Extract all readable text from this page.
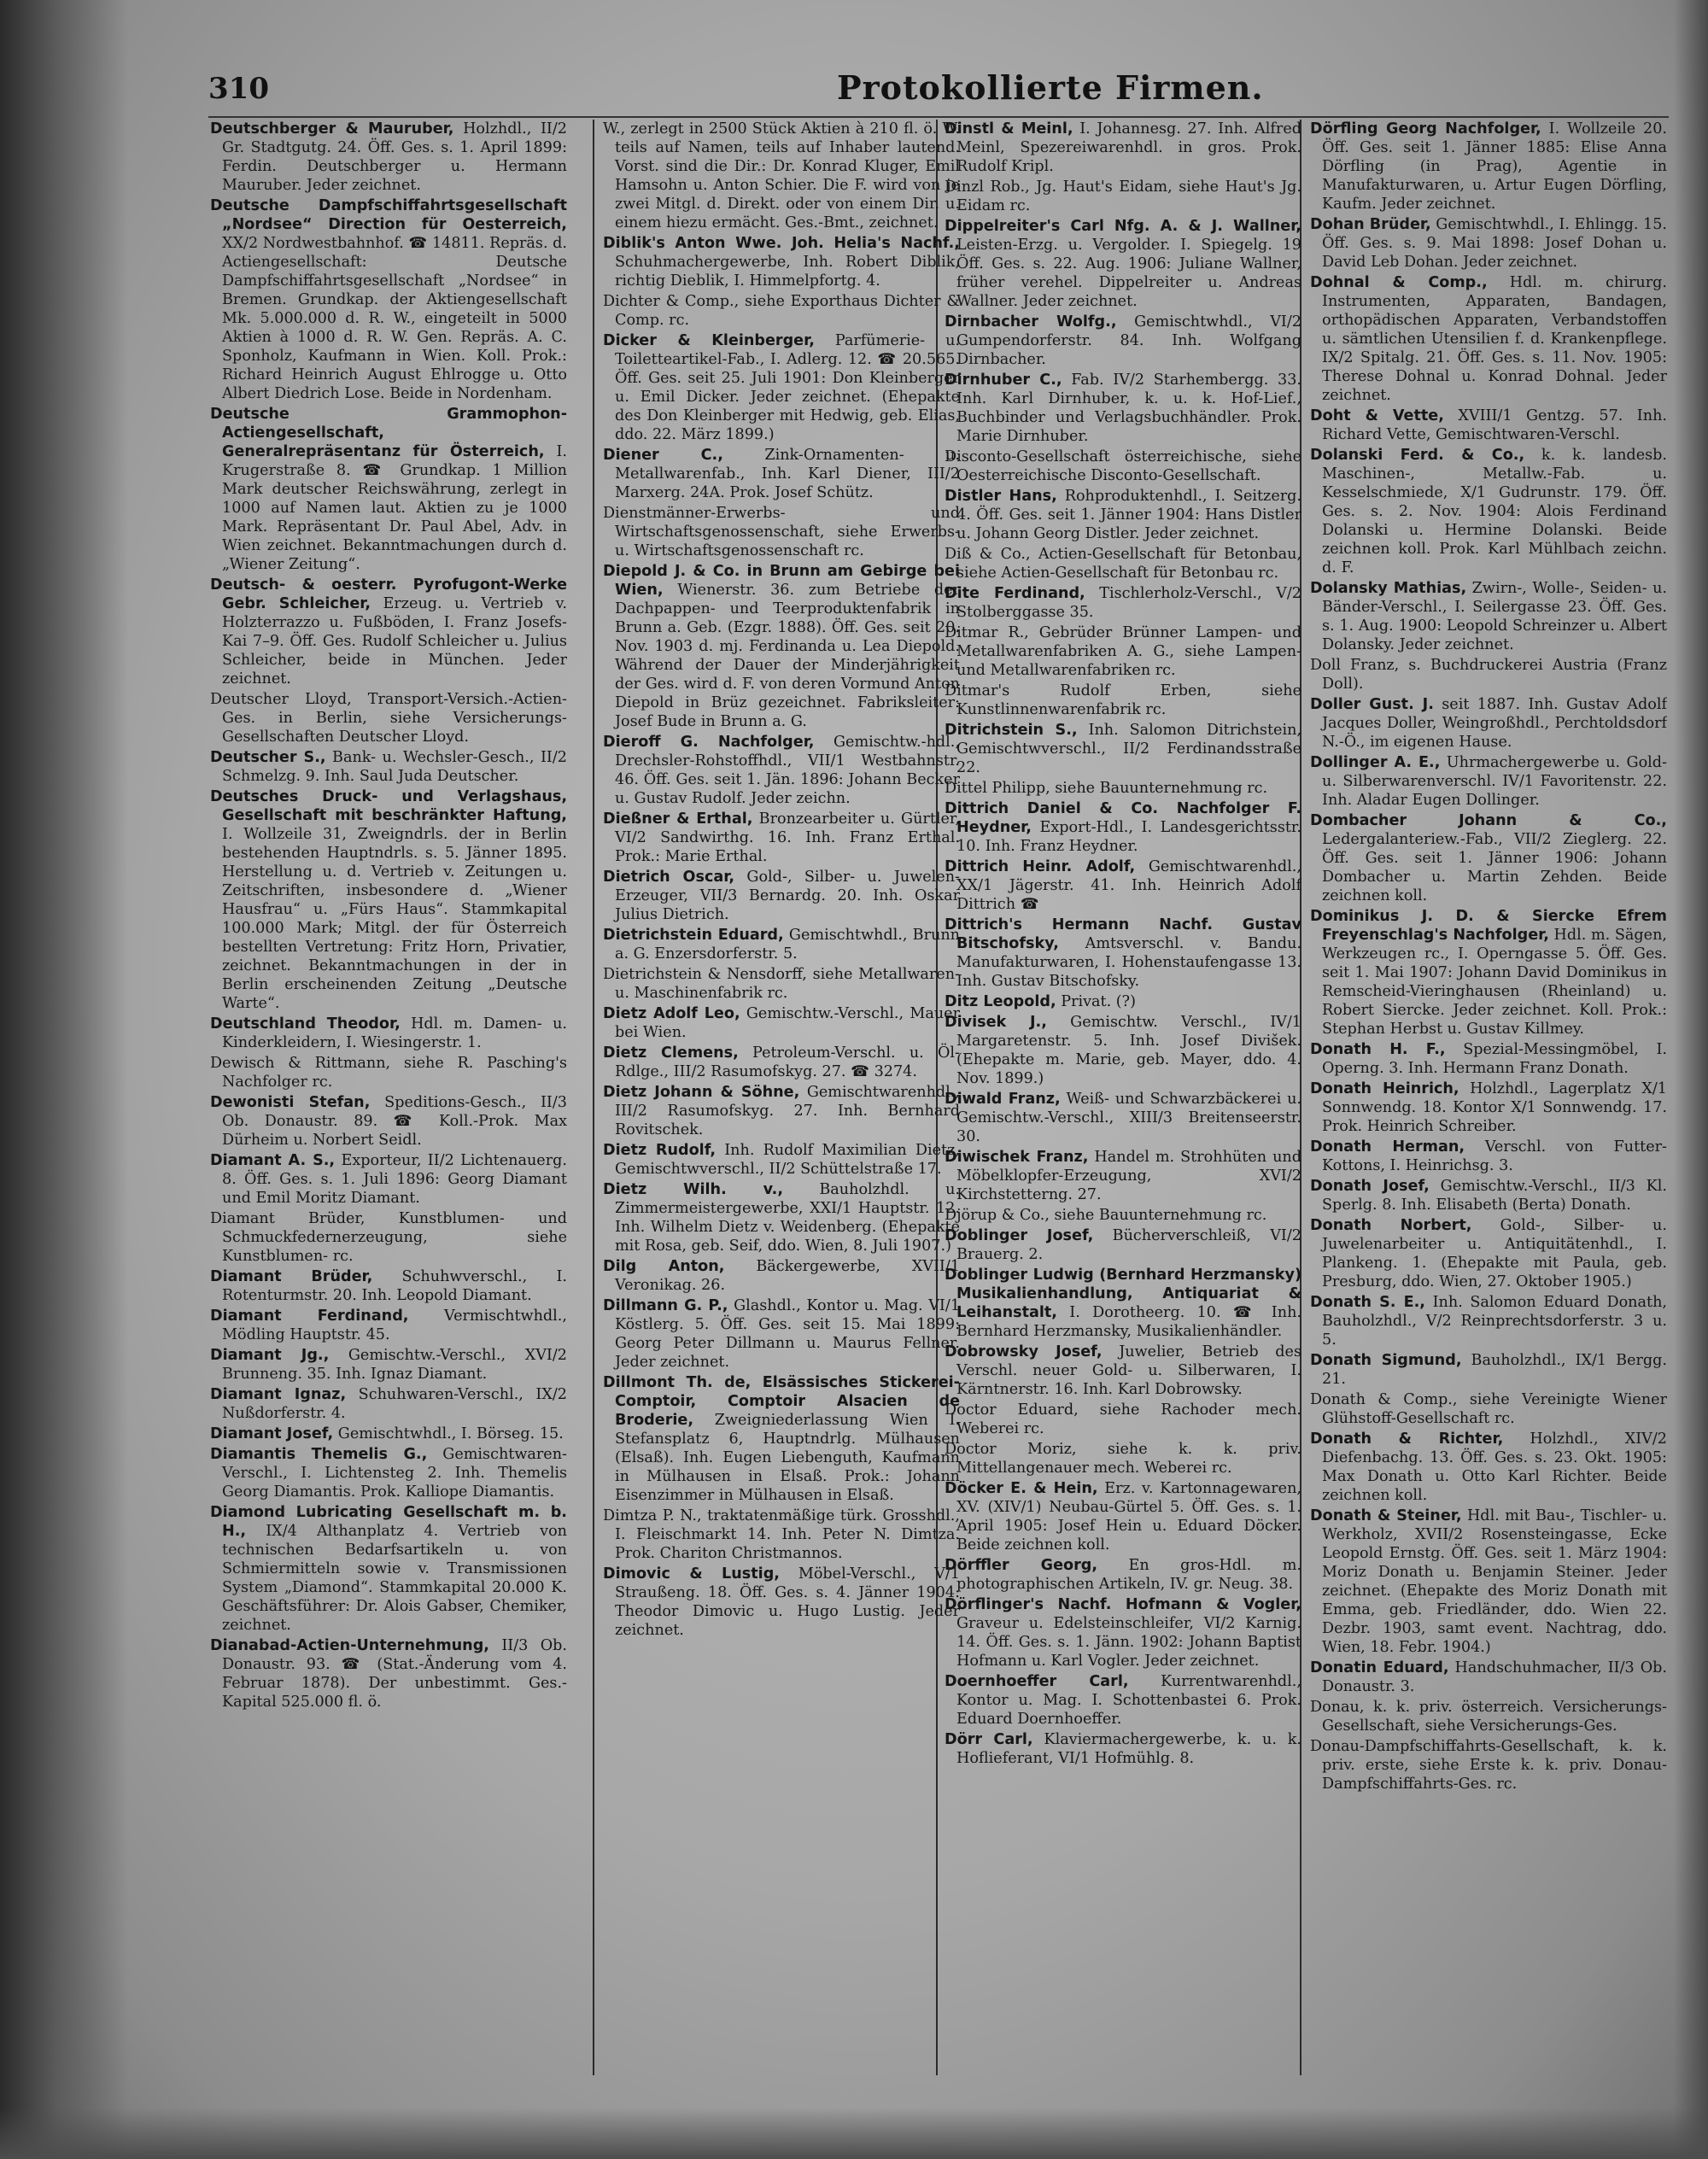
310	Protokollierte Firmen.

Deutschberger & Mauruber, Holzhdl., II/2 Gr. Stadtgutg. 24. Öff. Ges. s. 1. April 1899: Ferdin. Deutschberger u. Hermann Mauruber. Jeder zeichnet.

Deutsche Dampfschiffahrtsgesellschaft „Nordsee“ Direction für Oesterreich, XX/2 Nordwestbahnhof. ☎ 14811. Repräs. d. Actiengesellschaft: Deutsche Dampfschiffahrtsgesellschaft „Nordsee“ in Bremen. Grundkap. der Aktiengesellschaft Mk. 5.000.000 d. R. W., eingeteilt in 5000 Aktien à 1000 d. R. W. Gen. Repräs. A. C. Sponholz, Kaufmann in Wien. Koll. Prok.: Richard Heinrich August Ehlrogge u. Otto Albert Diedrich Lose. Beide in Nordenham.

Deutsche Grammophon-Actiengesellschaft, Generalrepräsentanz für Österreich, I. Krugerstraße 8. ☎ Grundkap. 1 Million Mark deutscher Reichswährung, zerlegt in 1000 auf Namen laut. Aktien zu je 1000 Mark. Repräsentant Dr. Paul Abel, Adv. in Wien zeichnet. Bekanntmachungen durch d. „Wiener Zeitung“.

Deutsch- & oesterr. Pyrofugont-Werke Gebr. Schleicher, Erzeug. u. Vertrieb v. Holzterrazzo u. Fußböden, I. Franz Josefs-Kai 7–9. Öff. Ges. Rudolf Schleicher u. Julius Schleicher, beide in München. Jeder zeichnet.

Deutscher Lloyd, Transport-Versich.-Actien-Ges. in Berlin, siehe Versicherungs-Gesellschaften Deutscher Lloyd.

Deutscher S., Bank- u. Wechsler-Gesch., II/2 Schmelzg. 9. Inh. Saul Juda Deutscher.

Deutsches Druck- und Verlagshaus, Gesellschaft mit beschränkter Haftung, I. Wollzeile 31, Zweigndrls. der in Berlin bestehenden Hauptndrls. s. 5. Jänner 1895. Herstellung u. d. Vertrieb v. Zeitungen u. Zeitschriften, insbesondere d. „Wiener Hausfrau“ u. „Fürs Haus“. Stammkapital 100.000 Mark; Mitgl. der für Österreich bestellten Vertretung: Fritz Horn, Privatier, zeichnet. Bekanntmachungen in der in Berlin erscheinenden Zeitung „Deutsche Warte“.

Deutschland Theodor, Hdl. m. Damen- u. Kinderkleidern, I. Wiesingerstr. 1.

Dewisch & Rittmann, siehe R. Pasching's Nachfolger rc.

Dewonisti Stefan, Speditions-Gesch., II/3 Ob. Donaustr. 89. ☎ Koll.-Prok. Max Dürheim u. Norbert Seidl.

Diamant A. S., Exporteur, II/2 Lichtenauerg. 8. Öff. Ges. s. 1. Juli 1896: Georg Diamant und Emil Moritz Diamant.

Diamant Brüder, Kunstblumen- und Schmuckfedernerzeugung, siehe Kunstblumen- rc.

Diamant Brüder, Schuhwverschl., I. Rotenturmstr. 20. Inh. Leopold Diamant.

Diamant Ferdinand, Vermischtwhdl., Mödling Hauptstr. 45.

Diamant Jg., Gemischtw.-Verschl., XVI/2 Brunneng. 35. Inh. Ignaz Diamant.

Diamant Ignaz, Schuhwaren-Verschl., IX/2 Nußdorferstr. 4.

Diamant Josef, Gemischtwhdl., I. Börseg. 15.

Diamantis Themelis G., Gemischtwaren-Verschl., I. Lichtensteg 2. Inh. Themelis Georg Diamantis. Prok. Kalliope Diamantis.

Diamond Lubricating Gesellschaft m. b. H., IX/4 Althanplatz 4. Vertrieb von technischen Bedarfsartikeln u. von Schmiermitteln sowie v. Transmissionen System „Diamond“. Stammkapital 20.000 K. Geschäftsführer: Dr. Alois Gabser, Chemiker, zeichnet.

Dianabad-Actien-Unternehmung, II/3 Ob. Donaustr. 93. ☎ (Stat.-Änderung vom 4. Februar 1878). Der unbestimmt. Ges.-Kapital 525.000 fl. ö.

W., zerlegt in 2500 Stück Aktien à 210 fl. ö. W. teils auf Namen, teils auf Inhaber lautend. Vorst. sind die Dir.: Dr. Konrad Kluger, Emil Hamsohn u. Anton Schier. Die F. wird von je zwei Mitgl. d. Direkt. oder von einem Dir. u. einem hiezu ermächt. Ges.-Bmt., zeichnet.

Diblik's Anton Wwe. Joh. Helia's Nachf., Schuhmachergewerbe, Inh. Robert Diblik, richtig Dieblik, I. Himmelpfortg. 4.

Dichter & Comp., siehe Exporthaus Dichter & Comp. rc.

Dicker & Kleinberger, Parfümerie- u. Toiletteartikel-Fab., I. Adlerg. 12. ☎ 20.565. Öff. Ges. seit 25. Juli 1901: Don Kleinberger u. Emil Dicker. Jeder zeichnet. (Ehepakte des Don Kleinberger mit Hedwig, geb. Elias, ddo. 22. März 1899.)

Diener C., Zink-Ornamenten- u. Metallwarenfab., Inh. Karl Diener, III/2 Marxerg. 24A. Prok. Josef Schütz.

Dienstmänner-Erwerbs- und Wirtschaftsgenossenschaft, siehe Erwerbs- u. Wirtschaftsgenossenschaft rc.

Diepold J. & Co. in Brunn am Gebirge bei Wien, Wienerstr. 36. zum Betriebe der Dachpappen- und Teerproduktenfabrik in Brunn a. Geb. (Ezgr. 1888). Öff. Ges. seit 20. Nov. 1903 d. mj. Ferdinanda u. Lea Diepold. Während der Dauer der Minderjährigkeit der Ges. wird d. F. von deren Vormund Anton Diepold in Brüz gezeichnet. Fabriksleiter: Josef Bude in Brunn a. G.

Dieroff G. Nachfolger, Gemischtw.-hdl., Drechsler-Rohstoffhdl., VII/1 Westbahnstr. 46. Öff. Ges. seit 1. Jän. 1896: Johann Becker u. Gustav Rudolf. Jeder zeichn.

Dießner & Erthal, Bronzearbeiter u. Gürtler, VI/2 Sandwirthg. 16. Inh. Franz Erthal. Prok.: Marie Erthal.

Dietrich Oscar, Gold-, Silber- u. Juwelen-Erzeuger, VII/3 Bernardg. 20. Inh. Oskar Julius Dietrich.

Dietrichstein Eduard, Gemischtwhdl., Brunn a. G. Enzersdorferstr. 5.

Dietrichstein & Nensdorff, siehe Metallwaren- u. Maschinenfabrik rc.

Dietz Adolf Leo, Gemischtw.-Verschl., Mauer bei Wien.

Dietz Clemens, Petroleum-Verschl. u. Öl-Rdlge., III/2 Rasumofskyg. 27. ☎ 3274.

Dietz Johann & Söhne, Gemischtwarenhdl., III/2 Rasumofskyg. 27. Inh. Bernhard Rovitschek.

Dietz Rudolf, Inh. Rudolf Maximilian Dietz, Gemischtwverschl., II/2 Schüttelstraße 17.

Dietz Wilh. v., Bauholzhdl. u. Zimmermeistergewerbe, XXI/1 Hauptstr. 12. Inh. Wilhelm Dietz v. Weidenberg. (Ehepakte mit Rosa, geb. Seif, ddo. Wien, 8. Juli 1907.)

Dilg Anton, Bäckergewerbe, XVII/1 Veronikag. 26.

Dillmann G. P., Glashdl., Kontor u. Mag. VI/1 Köstlerg. 5. Öff. Ges. seit 15. Mai 1899: Georg Peter Dillmann u. Maurus Fellner. Jeder zeichnet.

Dillmont Th. de, Elsässisches Stickerei-Comptoir, Comptoir Alsacien de Broderie, Zweigniederlassung Wien I. Stefansplatz 6, Hauptndrlg. Mülhausen (Elsaß). Inh. Eugen Liebenguth, Kaufmann in Mülhausen in Elsaß. Prok.: Johann Eisenzimmer in Mülhausen in Elsaß.

Dimtza P. N., traktatenmäßige türk. Grosshdl., I. Fleischmarkt 14. Inh. Peter N. Dimtza. Prok. Chariton Christmannos.

Dimovic & Lustig, Möbel-Verschl., V/1 Straußeng. 18. Öff. Ges. s. 4. Jänner 1904: Theodor Dimovic u. Hugo Lustig. Jeder zeichnet.

Dinstl & Meinl, I. Johannesg. 27. Inh. Alfred Meinl, Spezereiwarenhdl. in gros. Prok. Rudolf Kripl.

Dinzl Rob., Jg. Haut's Eidam, siehe Haut's Jg. Eidam rc.

Dippelreiter's Carl Nfg. A. & J. Wallner, Leisten-Erzg. u. Vergolder. I. Spiegelg. 19 Öff. Ges. s. 22. Aug. 1906: Juliane Wallner, früher verehel. Dippelreiter u. Andreas Wallner. Jeder zeichnet.

Dirnbacher Wolfg., Gemischtwhdl., VI/2 Gumpendorferstr. 84. Inh. Wolfgang Dirnbacher.

Dirnhuber C., Fab. IV/2 Starhembergg. 33. Inh. Karl Dirnhuber, k. u. k. Hof-Lief., Buchbinder und Verlagsbuchhändler. Prok. Marie Dirnhuber.

Disconto-Gesellschaft österreichische, siehe Oesterreichische Disconto-Gesellschaft.

Distler Hans, Rohproduktenhdl., I. Seitzerg. 4. Öff. Ges. seit 1. Jänner 1904: Hans Distler u. Johann Georg Distler. Jeder zeichnet.

Diß & Co., Actien-Gesellschaft für Betonbau, siehe Actien-Gesellschaft für Betonbau rc.

Dite Ferdinand, Tischlerholz-Verschl., V/2 Stolberggasse 35.

Ditmar R., Gebrüder Brünner Lampen- und Metallwarenfabriken A. G., siehe Lampen- und Metallwarenfabriken rc.

Ditmar's Rudolf Erben, siehe Kunstlinnenwarenfabrik rc.

Ditrichstein S., Inh. Salomon Ditrichstein, Gemischtwverschl., II/2 Ferdinandsstraße 22.

Dittel Philipp, siehe Bauunternehmung rc.

Dittrich Daniel & Co. Nachfolger F. Heydner, Export-Hdl., I. Landesgerichtsstr. 10. Inh. Franz Heydner.

Dittrich Heinr. Adolf, Gemischtwarenhdl., XX/1 Jägerstr. 41. Inh. Heinrich Adolf Dittrich ☎

Dittrich's Hermann Nachf. Gustav Bitschofsky, Amtsverschl. v. Bandu. Manufakturwaren, I. Hohenstaufengasse 13. Inh. Gustav Bitschofsky.

Ditz Leopold, Privat. (?)

Divisek J., Gemischtw. Verschl., IV/1 Margaretenstr. 5. Inh. Josef Divišek. (Ehepakte m. Marie, geb. Mayer, ddo. 4. Nov. 1899.)

Diwald Franz, Weiß- und Schwarzbäckerei u. Gemischtw.-Verschl., XIII/3 Breitenseerstr. 30.

Diwischek Franz, Handel m. Strohhüten und Möbelklopfer-Erzeugung, XVI/2 Kirchstetterng. 27.

Djörup & Co., siehe Bauunternehmung rc.

Doblinger Josef, Bücherverschleiß, VI/2 Brauerg. 2.

Doblinger Ludwig (Bernhard Herzmansky) Musikalienhandlung, Antiquariat & Leihanstalt, I. Dorotheerg. 10. ☎ Inh. Bernhard Herzmansky, Musikalienhändler.

Dobrowsky Josef, Juwelier, Betrieb des Verschl. neuer Gold- u. Silberwaren, I. Kärntnerstr. 16. Inh. Karl Dobrowsky.

Doctor Eduard, siehe Rachoder mech. Weberei rc.

Doctor Moriz, siehe k. k. priv. Mittellangenauer mech. Weberei rc.

Döcker E. & Hein, Erz. v. Kartonnagewaren, XV. (XIV/1) Neubau-Gürtel 5. Öff. Ges. s. 1. April 1905: Josef Hein u. Eduard Döcker. Beide zeichnen koll.

Dörffler Georg, En gros-Hdl. m. photographischen Artikeln, IV. gr. Neug. 38.

Dörflinger's Nachf. Hofmann & Vogler, Graveur u. Edelsteinschleifer, VI/2 Karnig. 14. Öff. Ges. s. 1. Jänn. 1902: Johann Baptist Hofmann u. Karl Vogler. Jeder zeichnet.

Doernhoeffer Carl, Kurrentwarenhdl., Kontor u. Mag. I. Schottenbastei 6. Prok. Eduard Doernhoeffer.

Dörr Carl, Klaviermachergewerbe, k. u. k. Hoflieferant, VI/1 Hofmühlg. 8.

Dörfling Georg Nachfolger, I. Wollzeile 20. Öff. Ges. seit 1. Jänner 1885: Elise Anna Dörfling (in Prag), Agentie in Manufakturwaren, u. Artur Eugen Dörfling, Kaufm. Jeder zeichnet.

Dohan Brüder, Gemischtwhdl., I. Ehlingg. 15. Öff. Ges. s. 9. Mai 1898: Josef Dohan u. David Leb Dohan. Jeder zeichnet.

Dohnal & Comp., Hdl. m. chirurg. Instrumenten, Apparaten, Bandagen, orthopädischen Apparaten, Verbandstoffen u. sämtlichen Utensilien f. d. Krankenpflege. IX/2 Spitalg. 21. Öff. Ges. s. 11. Nov. 1905: Therese Dohnal u. Konrad Dohnal. Jeder zeichnet.

Doht & Vette, XVIII/1 Gentzg. 57. Inh. Richard Vette, Gemischtwaren-Verschl.

Dolanski Ferd. & Co., k. k. landesb. Maschinen-, Metallw.-Fab. u. Kesselschmiede, X/1 Gudrunstr. 179. Öff. Ges. s. 2. Nov. 1904: Alois Ferdinand Dolanski u. Hermine Dolanski. Beide zeichnen koll. Prok. Karl Mühlbach zeichn. d. F.

Dolansky Mathias, Zwirn-, Wolle-, Seiden- u. Bänder-Verschl., I. Seilergasse 23. Öff. Ges. s. 1. Aug. 1900: Leopold Schreinzer u. Albert Dolansky. Jeder zeichnet.

Doll Franz, s. Buchdruckerei Austria (Franz Doll).

Doller Gust. J. seit 1887. Inh. Gustav Adolf Jacques Doller, Weingroßhdl., Perchtoldsdorf N.-Ö., im eigenen Hause.

Dollinger A. E., Uhrmachergewerbe u. Gold- u. Silberwarenverschl. IV/1 Favoritenstr. 22. Inh. Aladar Eugen Dollinger.

Dombacher Johann & Co., Ledergalanteriew.-Fab., VII/2 Zieglerg. 22. Öff. Ges. seit 1. Jänner 1906: Johann Dombacher u. Martin Zehden. Beide zeichnen koll.

Dominikus J. D. & Siercke Efrem Freyenschlag's Nachfolger, Hdl. m. Sägen, Werkzeugen rc., I. Operngasse 5. Öff. Ges. seit 1. Mai 1907: Johann David Dominikus in Remscheid-Vieringhausen (Rheinland) u. Robert Siercke. Jeder zeichnet. Koll. Prok.: Stephan Herbst u. Gustav Killmey.

Donath H. F., Spezial-Messingmöbel, I. Operng. 3. Inh. Hermann Franz Donath.

Donath Heinrich, Holzhdl., Lagerplatz X/1 Sonnwendg. 18. Kontor X/1 Sonnwendg. 17. Prok. Heinrich Schreiber.

Donath Herman, Verschl. von Futter-Kottons, I. Heinrichsg. 3.

Donath Josef, Gemischtw.-Verschl., II/3 Kl. Sperlg. 8. Inh. Elisabeth (Berta) Donath.

Donath Norbert, Gold-, Silber- u. Juwelenarbeiter u. Antiquitätenhdl., I. Plankeng. 1. (Ehepakte mit Paula, geb. Presburg, ddo. Wien, 27. Oktober 1905.)

Donath S. E., Inh. Salomon Eduard Donath, Bauholzhdl., V/2 Reinprechtsdorferstr. 3 u. 5.

Donath Sigmund, Bauholzhdl., IX/1 Bergg. 21.

Donath & Comp., siehe Vereinigte Wiener Glühstoff-Gesellschaft rc.

Donath & Richter, Holzhdl., XIV/2 Diefenbachg. 13. Öff. Ges. s. 23. Okt. 1905: Max Donath u. Otto Karl Richter. Beide zeichnen koll.

Donath & Steiner, Hdl. mit Bau-, Tischler- u. Werkholz, XVII/2 Rosensteingasse, Ecke Leopold Ernstg. Öff. Ges. seit 1. März 1904: Moriz Donath u. Benjamin Steiner. Jeder zeichnet. (Ehepakte des Moriz Donath mit Emma, geb. Friedländer, ddo. Wien 22. Dezbr. 1903, samt event. Nachtrag, ddo. Wien, 18. Febr. 1904.)

Donatin Eduard, Handschuhmacher, II/3 Ob. Donaustr. 3.

Donau, k. k. priv. österreich. Versicherungs-Gesellschaft, siehe Versicherungs-Ges.

Donau-Dampfschiffahrts-Gesellschaft, k. k. priv. erste, siehe Erste k. k. priv. Donau-Dampfschiffahrts-Ges. rc.
